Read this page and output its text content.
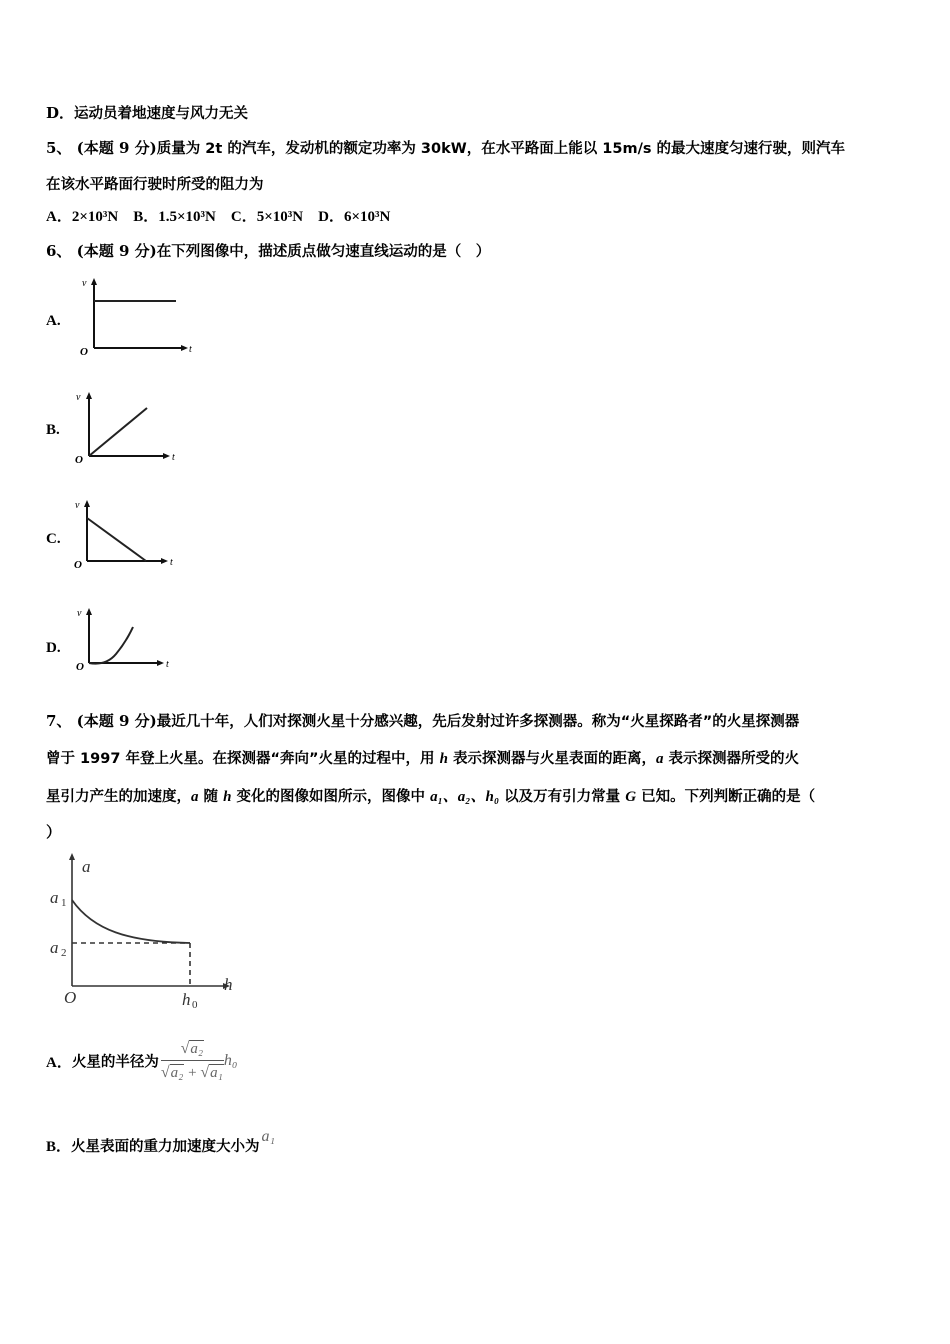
D．运动员着地速度与风力无关
5、 (本题 9 分)质量为 2t 的汽车，发动机的额定功率为 30kW，在水平路面上能以 15m/s 的最大速度匀速行驶，则汽车
在该水平路面行驶时所受的阻力为
A．2×10³N B．1.5×10³N C．5×10³N D．6×10³N
6、 (本题 9 分)在下列图像中，描述质点做匀速直线运动的是（　）
A.
v
O	t
B.
v
O	t
C.
v
O	t
D.
v
O	t
7、 (本题 9 分)最近几十年，人们对探测火星十分感兴趣，先后发射过许多探测器。称为“火星探路者”的火星探测器
曾于 1997 年登上火星。在探测器“奔向”火星的过程中，用 h 表示探测器与火星表面的距离，a 表示探测器所受的火
星引力产生的加速度，a 随 h 变化的图像如图所示，图像中 a₁、a₂、h₀ 以及万有引力常量 G 已知。下列判断正确的是（
）
a
a 1
a 2
O	h 0
h
A．火星的半径为 $\frac{\text{√a₂}}{\text{√a₂ + √a₁}} h_0$
B．火星表面的重力加速度大小为a₁
